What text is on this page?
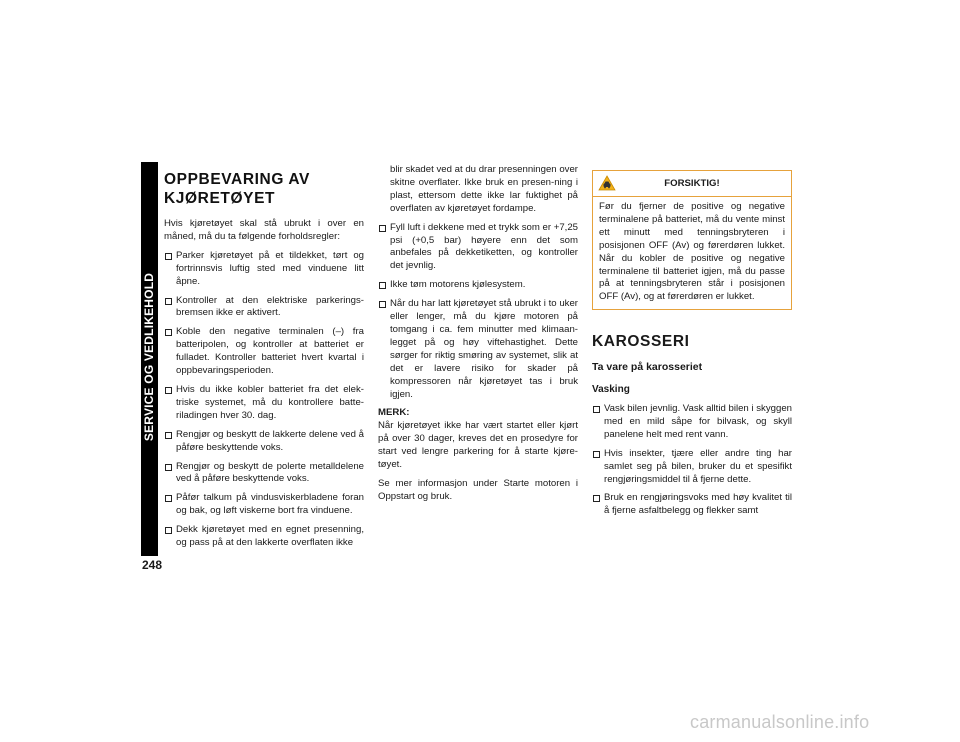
SERVICE OG VEDLIKEHOLD
248
OPPBEVARING AV
KJØRETØYET

Hvis kjøretøyet skal stå ubrukt i over en måned, må du ta følgende forholdsregler:

Parker kjøretøyet på et tildekket, tørt og fortrinnsvis luftig sted med vinduene litt åpne.
Kontroller at den elektriske parkerings-bremsen ikke er aktivert.
Koble den negative terminalen (–) fra batteripolen, og kontroller at batteriet er fulladet. Kontroller batteriet hvert kvartal i oppbevaringsperioden.
Hvis du ikke kobler batteriet fra det elek-triske systemet, må du kontrollere batte-riladingen hver 30. dag.
Rengjør og beskytt de lakkerte delene ved å påføre beskyttende voks.
Rengjør og beskytt de polerte metalldelene ved å påføre beskyttende voks.
Påfør talkum på vindusviskerbladene foran og bak, og løft viskerne bort fra vinduene.
Dekk kjøretøyet med en egnet presenning, og pass på at den lakkerte overflaten ikke

blir skadet ved at du drar presenningen over skitne overflater. Ikke bruk en presen-ning i plast, ettersom dette ikke lar fuktighet på overflaten av kjøretøyet fordampe.

Fyll luft i dekkene med et trykk som er +7,25 psi (+0,5 bar) høyere enn det som anbefales på dekketiketten, og kontroller det jevnlig.
Ikke tøm motorens kjølesystem.
Når du har latt kjøretøyet stå ubrukt i to uker eller lenger, må du kjøre motoren på tomgang i ca. fem minutter med klimaan-legget på og høy viftehastighet. Dette sørger for riktig smøring av systemet, slik at det er lavere risiko for skader på kompressoren når kjøretøyet tas i bruk igjen.
MERK:

Når kjøretøyet ikke har vært startet eller kjørt på over 30 dager, kreves det en prosedyre for start ved lengre parkering for å starte kjøre-tøyet.

Se mer informasjon under Starte motoren i Oppstart og bruk.

FORSIKTIG!
Før du fjerner de positive og negative terminalene på batteriet, må du vente minst ett minutt med tenningsbryteren i posisjonen OFF (Av) og førerdøren lukket. Når du kobler de positive og negative terminalene til batteriet igjen, må du passe på at tenningsbryteren står i posisjonen OFF (Av), og at førerdøren er lukket.
KAROSSERI
Ta vare på karosseriet
Vasking
Vask bilen jevnlig. Vask alltid bilen i skyggen med en mild såpe for bilvask, og skyll panelene helt med rent vann.
Hvis insekter, tjære eller andre ting har samlet seg på bilen, bruker du et spesifikt rengjøringsmiddel til å fjerne dette.
Bruk en rengjøringsvoks med høy kvalitet til å fjerne asfaltbelegg og flekker samt
carmanualsonline.info
